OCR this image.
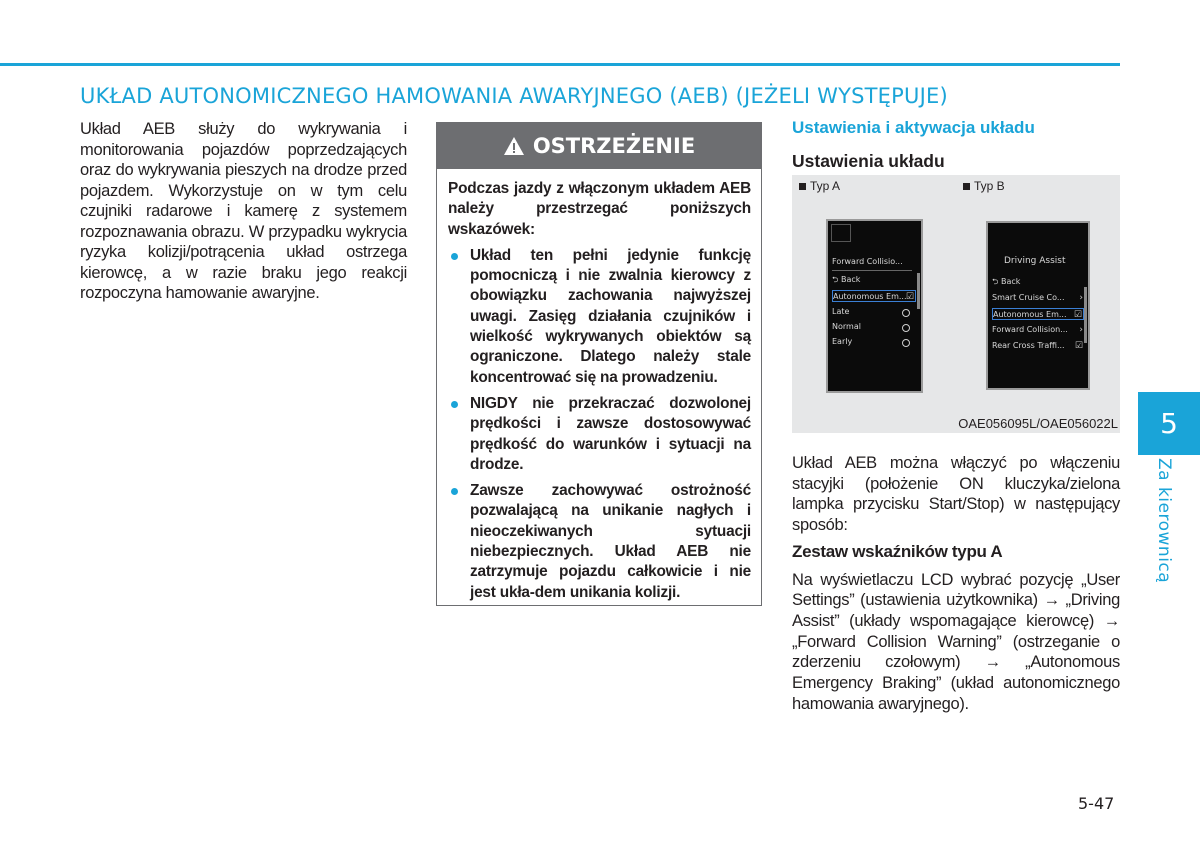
UKŁAD AUTONOMICZNEGO HAMOWANIA AWARYJNEGO (AEB) (JEŻELI WYSTĘPUJE)
Układ AEB służy do wykrywania i monitorowania pojazdów poprzedzających oraz do wykrywania pieszych na drodze przed pojazdem. Wykorzystuje on w tym celu czujniki radarowe i kamerę z systemem rozpoznawania obrazu. W przypadku wykrycia ryzyka kolizji/potrącenia układ ostrzega kierowcę, a w razie braku jego reakcji rozpoczyna hamowanie awaryjne.
OSTRZEŻENIE

Podczas jazdy z włączonym układem AEB należy przestrzegać poniższych wskazówek:

Układ ten pełni jedynie funkcję pomocniczą i nie zwalnia kierowcy z obowiązku zachowania najwyższej uwagi. Zasięg działania czujników i wielkość wykrywanych obiektów są ograniczone. Dlatego należy stale koncentrować się na prowadzeniu.
NIGDY nie przekraczać dozwolonej prędkości i zawsze dostosowywać prędkość do warunków i sytuacji na drodze.
Zawsze zachowywać ostrożność pozwalającą na unikanie nagłych i nieoczekiwanych sytuacji niebezpiecznych. Układ AEB nie zatrzymuje pojazdu całkowicie i nie jest ukła-dem unikania kolizji.

Ustawienia i aktywacja układu

Ustawienia układu

Typ A	Typ B
Forward Collisio...
⮌ Back
Autonomous Em... ☑
Late
Normal
Early
Driving Assist
⮌ Back
Smart Cruise Co... ›
Autonomous Em... ☑
Forward Collision... ›
Rear Cross Traffi... ☑
OAE056095L/OAE056022L

Układ AEB można włączyć po włączeniu stacyjki (położenie ON kluczyka/zielona lampka przycisku Start/Stop) w następujący sposób:

Zestaw wskaźników typu A

Na wyświetlaczu LCD wybrać pozycję „User Settings” (ustawienia użytkownika) → „Driving Assist” (układy wspomagające kierowcę) → „Forward Collision Warning” (ostrzeganie o zderzeniu czołowym) → „Autonomous Emergency Braking” (układ autonomicznego hamowania awaryjnego).

5
Za kierownicą
5-47
